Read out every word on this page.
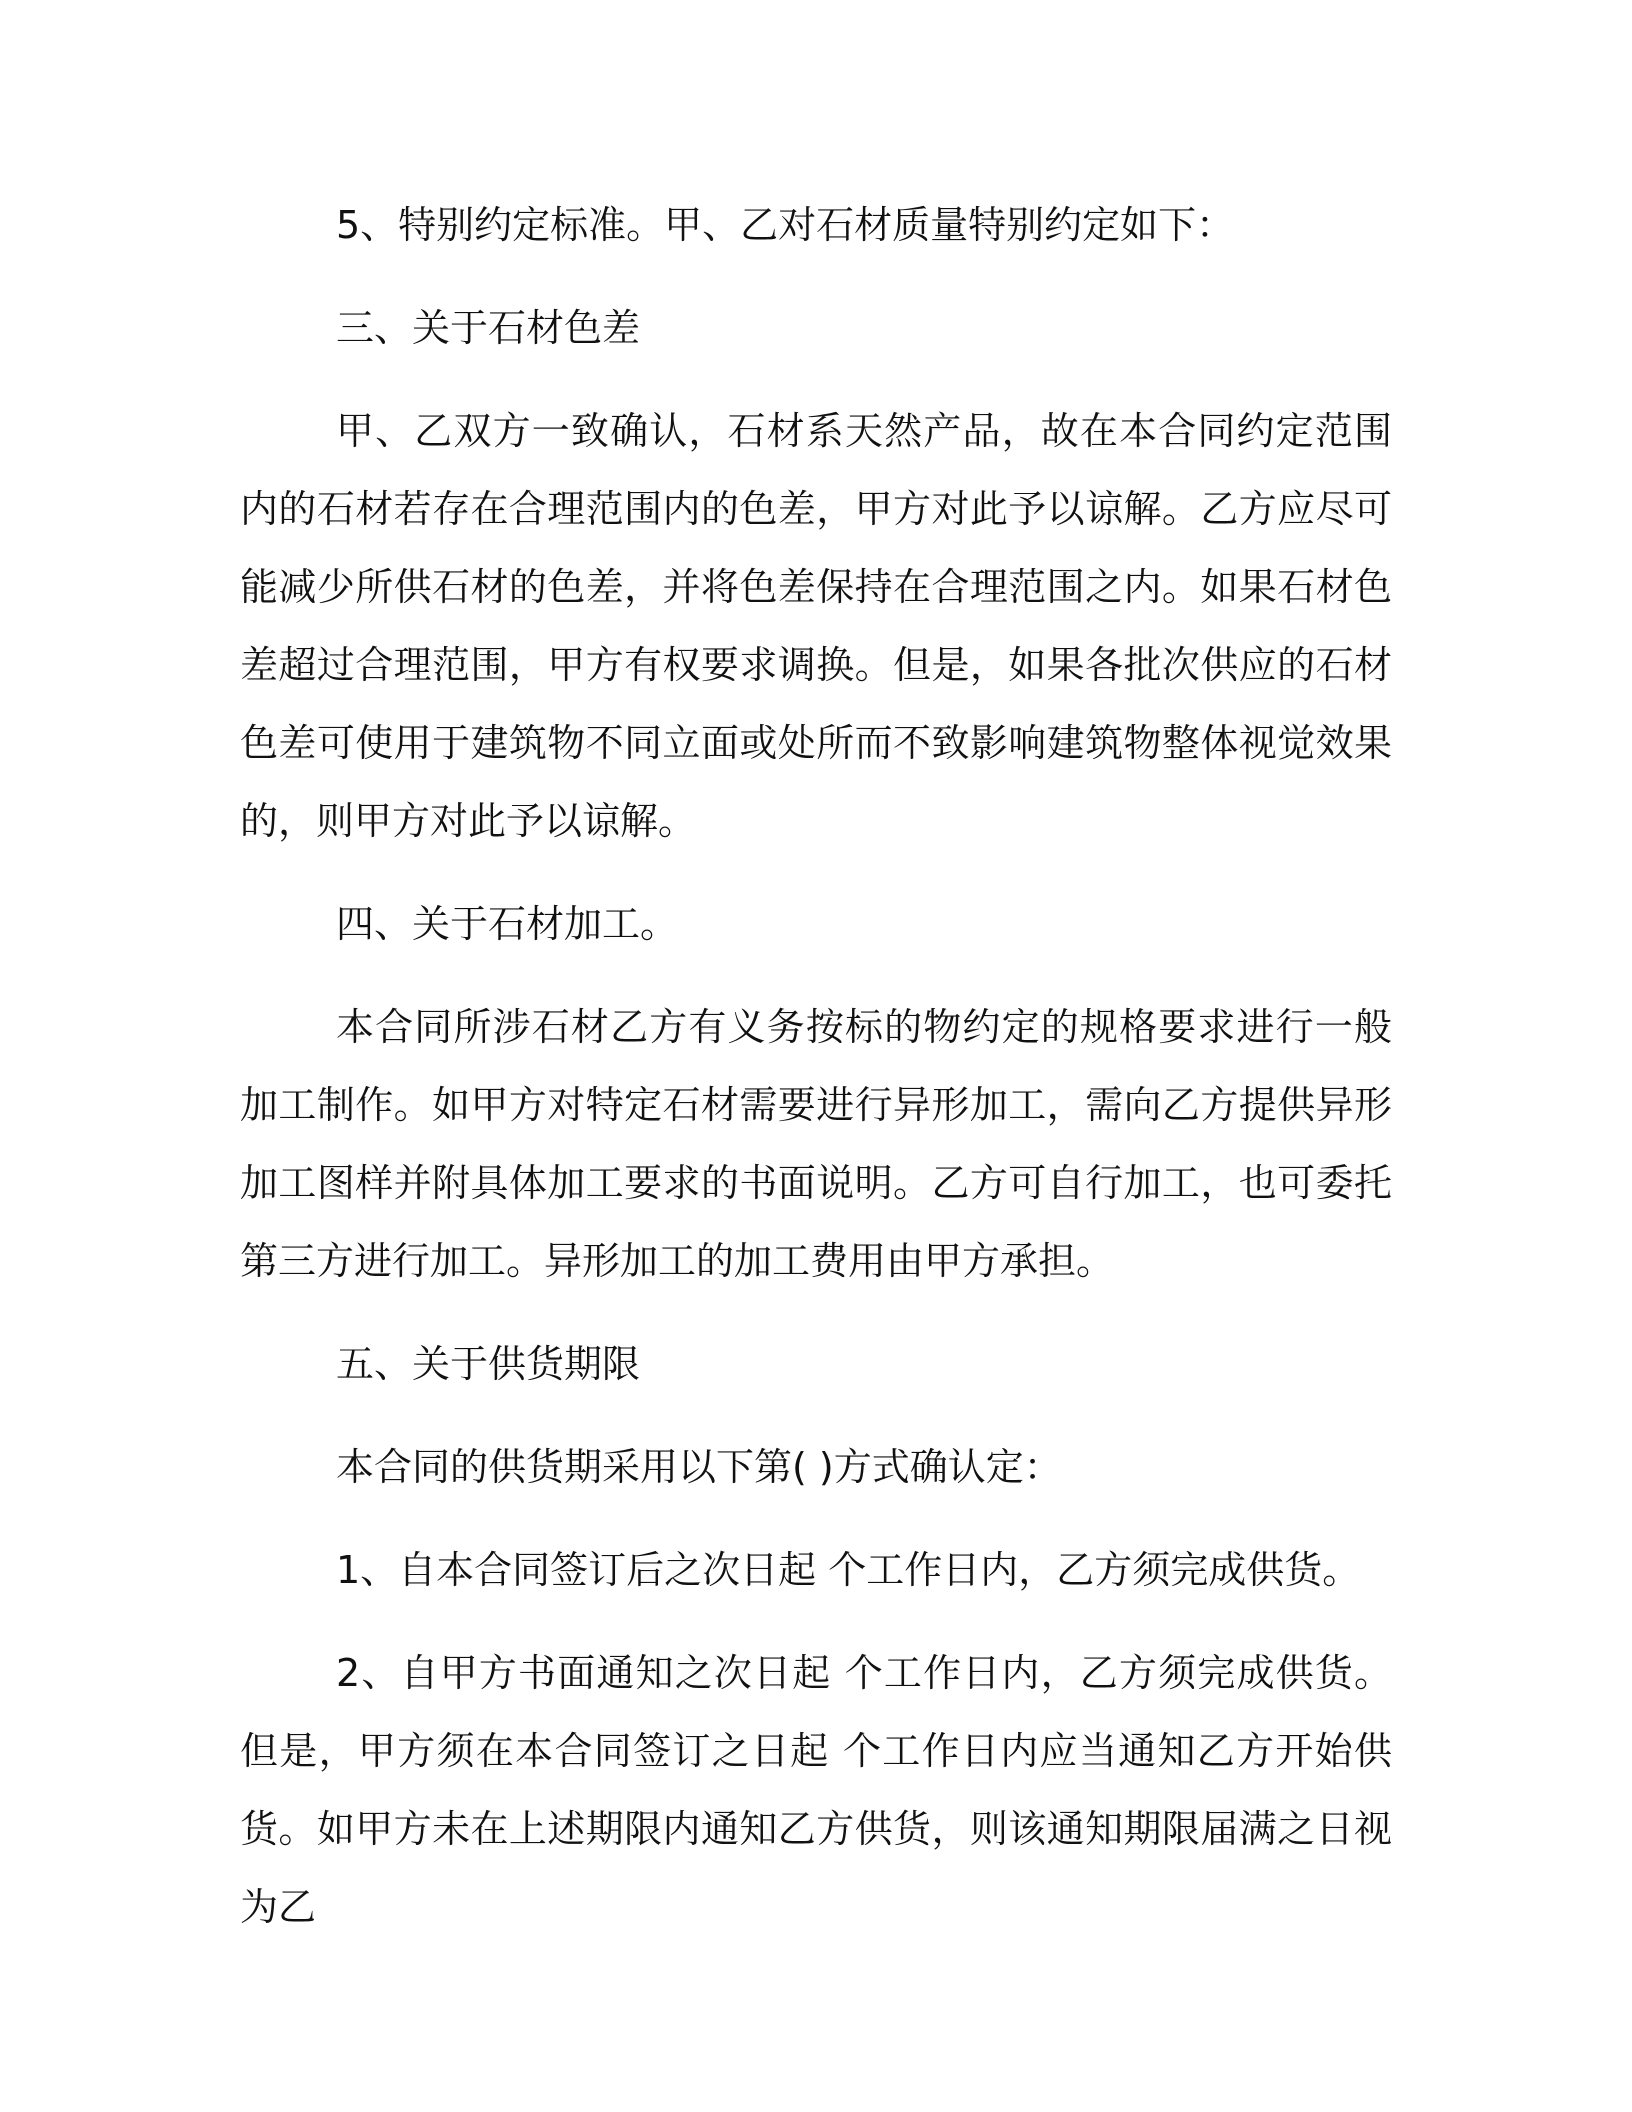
5、特别约定标准。甲、乙对石材质量特别约定如下：

三、关于石材色差

甲、乙双方一致确认，石材系天然产品，故在本合同约定范围内的石材若存在合理范围内的色差，甲方对此予以谅解。乙方应尽可能减少所供石材的色差，并将色差保持在合理范围之内。如果石材色差超过合理范围，甲方有权要求调换。但是，如果各批次供应的石材色差可使用于建筑物不同立面或处所而不致影响建筑物整体视觉效果的，则甲方对此予以谅解。

四、关于石材加工。

本合同所涉石材乙方有义务按标的物约定的规格要求进行一般加工制作。如甲方对特定石材需要进行异形加工，需向乙方提供异形加工图样并附具体加工要求的书面说明。乙方可自行加工，也可委托第三方进行加工。异形加工的加工费用由甲方承担。

五、关于供货期限

本合同的供货期采用以下第( )方式确认定：

1、自本合同签订后之次日起 个工作日内，乙方须完成供货。

2、自甲方书面通知之次日起 个工作日内，乙方须完成供货。但是，甲方须在本合同签订之日起 个工作日内应当通知乙方开始供货。如甲方未在上述期限内通知乙方供货，则该通知期限届满之日视为乙
